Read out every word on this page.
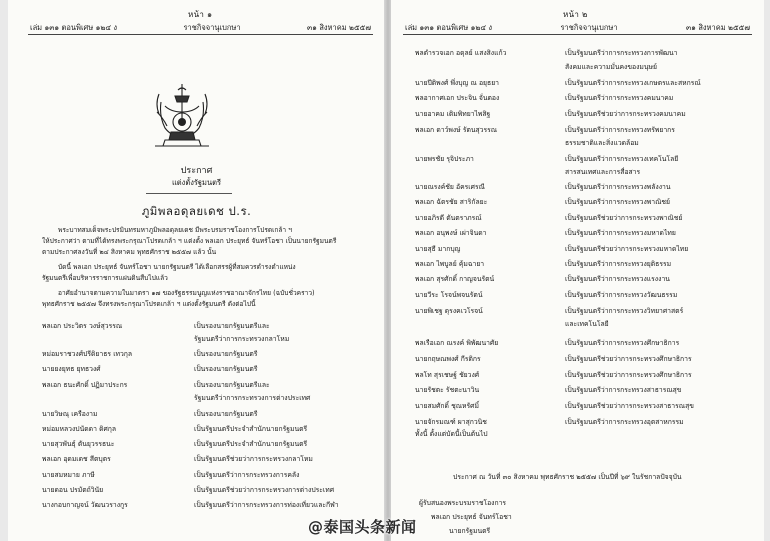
หน้า ๑
เล่ม ๑๓๑ ตอนพิเศษ ๑๒๔ ง	ราชกิจจานุเบกษา	๓๑ สิงหาคม ๒๕๕๗
ประกาศ
แต่งตั้งรัฐมนตรี
ภูมิพลอดุลยเดช ป.ร.
พระบาทสมเด็จพระปรมินทรมหาภูมิพลอดุลยเดช มีพระบรมราชโองการโปรดเกล้า ฯ
ให้ประกาศว่า ตามที่ได้ทรงพระกรุณาโปรดเกล้า ฯ แต่งตั้ง พลเอก ประยุทธ์ จันทร์โอชา เป็นนายกรัฐมนตรี
ตามประกาศลงวันที่ ๒๔ สิงหาคม พุทธศักราช ๒๕๕๗ แล้ว นั้น
บัดนี้ พลเอก ประยุทธ์ จันทร์โอชา นายกรัฐมนตรี ได้เลือกสรรผู้ที่สมควรดำรงตำแหน่ง
รัฐมนตรีเพื่อบริหารราชการแผ่นดินสืบไปแล้ว
อาศัยอำนาจตามความในมาตรา ๑๗ ของรัฐธรรมนูญแห่งราชอาณาจักรไทย (ฉบับชั่วคราว)
พุทธศักราช ๒๕๕๗ จึงทรงพระกรุณาโปรดเกล้า ฯ แต่งตั้งรัฐมนตรี ดังต่อไปนี้
พลเอก ประวิตร วงษ์สุวรรณ	เป็นรองนายกรัฐมนตรีและ
รัฐมนตรีว่าการกระทรวงกลาโหม
หม่อมราชวงศ์ปรีดิยาธร เทวกุล	เป็นรองนายกรัฐมนตรี
นายยงยุทธ ยุทธวงศ์	เป็นรองนายกรัฐมนตรี
พลเอก ธนะศักดิ์ ปฏิมาประกร	เป็นรองนายกรัฐมนตรีและ
รัฐมนตรีว่าการกระทรวงการต่างประเทศ
นายวิษณุ เครืองาม	เป็นรองนายกรัฐมนตรี
หม่อมหลวงปนัดดา ดิศกุล	เป็นรัฐมนตรีประจำสำนักนายกรัฐมนตรี
นายสุวพันธุ์ ตันยุวรรธนะ	เป็นรัฐมนตรีประจำสำนักนายกรัฐมนตรี
พลเอก อุดมเดช สีตบุตร	เป็นรัฐมนตรีช่วยว่าการกระทรวงกลาโหม
นายสมหมาย ภาษี	เป็นรัฐมนตรีว่าการกระทรวงการคลัง
นายดอน ปรมัตถ์วินัย	เป็นรัฐมนตรีช่วยว่าการกระทรวงการต่างประเทศ
นางกอบกาญจน์ วัฒนวรางกูร	เป็นรัฐมนตรีว่าการกระทรวงการท่องเที่ยวและกีฬา
หน้า ๒
เล่ม ๑๓๑ ตอนพิเศษ ๑๒๔ ง	ราชกิจจานุเบกษา	๓๑ สิงหาคม ๒๕๕๗
พลตำรวจเอก อดุลย์ แสงสิงแก้ว	เป็นรัฐมนตรีว่าการกระทรวงการพัฒนา
สังคมและความมั่นคงของมนุษย์
นายปีติพงศ์ พึ่งบุญ ณ อยุธยา	เป็นรัฐมนตรีว่าการกระทรวงเกษตรและสหกรณ์
พลอากาศเอก ประจิน จั่นตอง	เป็นรัฐมนตรีว่าการกระทรวงคมนาคม
นายอาคม เติมพิทยาไพสิฐ	เป็นรัฐมนตรีช่วยว่าการกระทรวงคมนาคม
พลเอก ดาว์พงษ์ รัตนสุวรรณ	เป็นรัฐมนตรีว่าการกระทรวงทรัพยากร
ธรรมชาติและสิ่งแวดล้อม
นายพรชัย รุจิประภา	เป็นรัฐมนตรีว่าการกระทรวงเทคโนโลยี
สารสนเทศและการสื่อสาร
นายณรงค์ชัย อัครเศรณี	เป็นรัฐมนตรีว่าการกระทรวงพลังงาน
พลเอก ฉัตรชัย สาริกัลยะ	เป็นรัฐมนตรีว่าการกระทรวงพาณิชย์
นายอภิรดี ตันตราภรณ์	เป็นรัฐมนตรีช่วยว่าการกระทรวงพาณิชย์
พลเอก อนุพงษ์ เผ่าจินดา	เป็นรัฐมนตรีว่าการกระทรวงมหาดไทย
นายสุธี มากบุญ	เป็นรัฐมนตรีช่วยว่าการกระทรวงมหาดไทย
พลเอก ไพบูลย์ คุ้มฉายา	เป็นรัฐมนตรีว่าการกระทรวงยุติธรรม
พลเอก สุรศักดิ์ กาญจนรัตน์	เป็นรัฐมนตรีว่าการกระทรวงแรงงาน
นายวีระ โรจน์พจนรัตน์	เป็นรัฐมนตรีว่าการกระทรวงวัฒนธรรม
นายพิเชฐ ดุรงคเวโรจน์	เป็นรัฐมนตรีว่าการกระทรวงวิทยาศาสตร์
และเทคโนโลยี
พลเรือเอก ณรงค์ พิพัฒนาศัย	เป็นรัฐมนตรีว่าการกระทรวงศึกษาธิการ
นายกฤษณพงศ์ กีรติกร	เป็นรัฐมนตรีช่วยว่าการกระทรวงศึกษาธิการ
พลโท สุรเชษฐ์ ชัยวงศ์	เป็นรัฐมนตรีช่วยว่าการกระทรวงศึกษาธิการ
นายรัชตะ รัชตะนาวิน	เป็นรัฐมนตรีว่าการกระทรวงสาธารณสุข
นายสมศักดิ์ ชุณหรัศมิ์	เป็นรัฐมนตรีช่วยว่าการกระทรวงสาธารณสุข
นายจักรมณฑ์ ผาสุกวนิช	เป็นรัฐมนตรีว่าการกระทรวงอุตสาหกรรม
ทั้งนี้ ตั้งแต่บัดนี้เป็นต้นไป
ประกาศ ณ วันที่ ๓๐ สิงหาคม พุทธศักราช ๒๕๕๗ เป็นปีที่ ๖๙ ในรัชกาลปัจจุบัน
ผู้รับสนองพระบรมราชโองการ
พลเอก ประยุทธ์ จันทร์โอชา
นายกรัฐมนตรี
@泰国头条新闻
